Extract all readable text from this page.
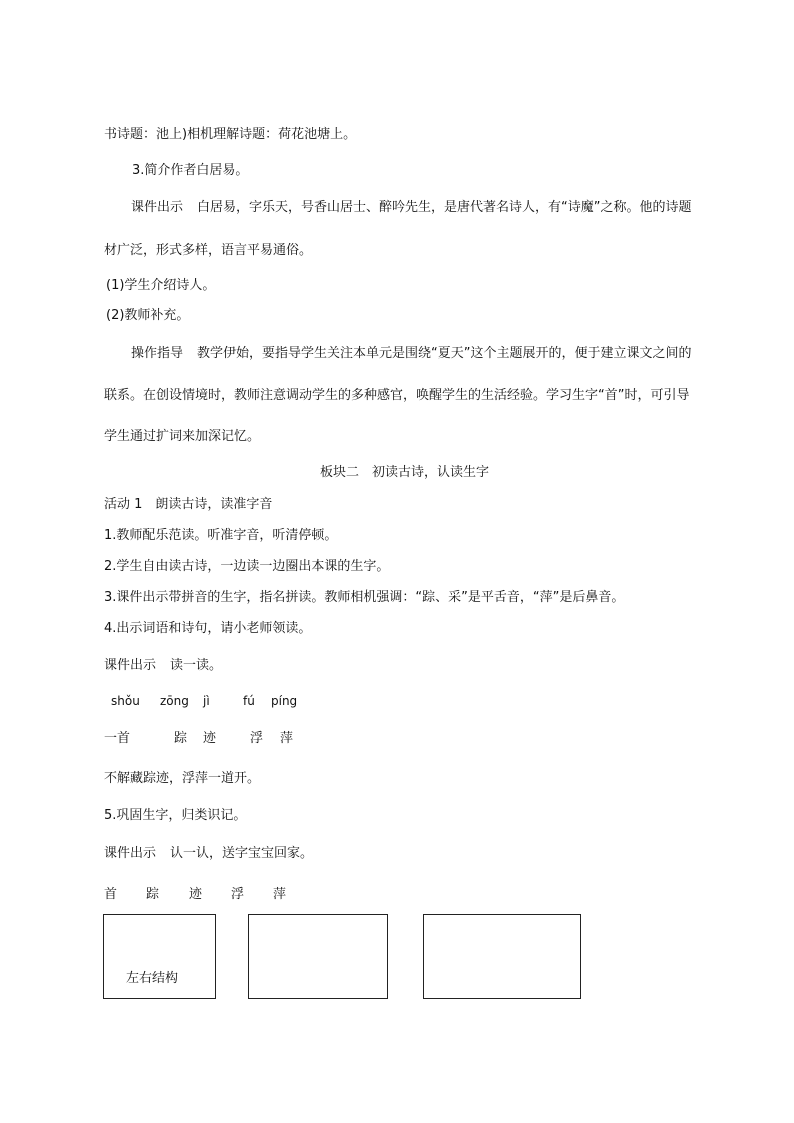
书诗题：池上)相机理解诗题：荷花池塘上。
3.简介作者白居易。
课件出示 白居易，字乐天，号香山居士、醉吟先生，是唐代著名诗人，有“诗魔”之称。他的诗题
材广泛，形式多样，语言平易通俗。
(1)学生介绍诗人。
(2)教师补充。
操作指导 教学伊始，要指导学生关注本单元是围绕“夏天”这个主题展开的，便于建立课文之间的
联系。在创设情境时，教师注意调动学生的多种感官，唤醒学生的生活经验。学习生字“首”时，可引导
学生通过扩词来加深记忆。
板块二　初读古诗，认读生字
活动 1　朗读古诗，读准字音
1.教师配乐范读。听准字音，听清停顿。
2.学生自由读古诗，一边读一边圈出本课的生字。
3.课件出示带拼音的生字，指名拼读。教师相机强调：“踪、采”是平舌音，“萍”是后鼻音。
4.出示词语和诗句，请小老师领读。
课件出示 读一读。
shǒu zōng jì	fú píng
一首	踪 迹	浮 萍
不解藏踪迹，浮萍一道开。
5.巩固生字，归类识记。
课件出示 认一认，送字宝宝回家。
首 踪 迹 浮 萍
左右结构
